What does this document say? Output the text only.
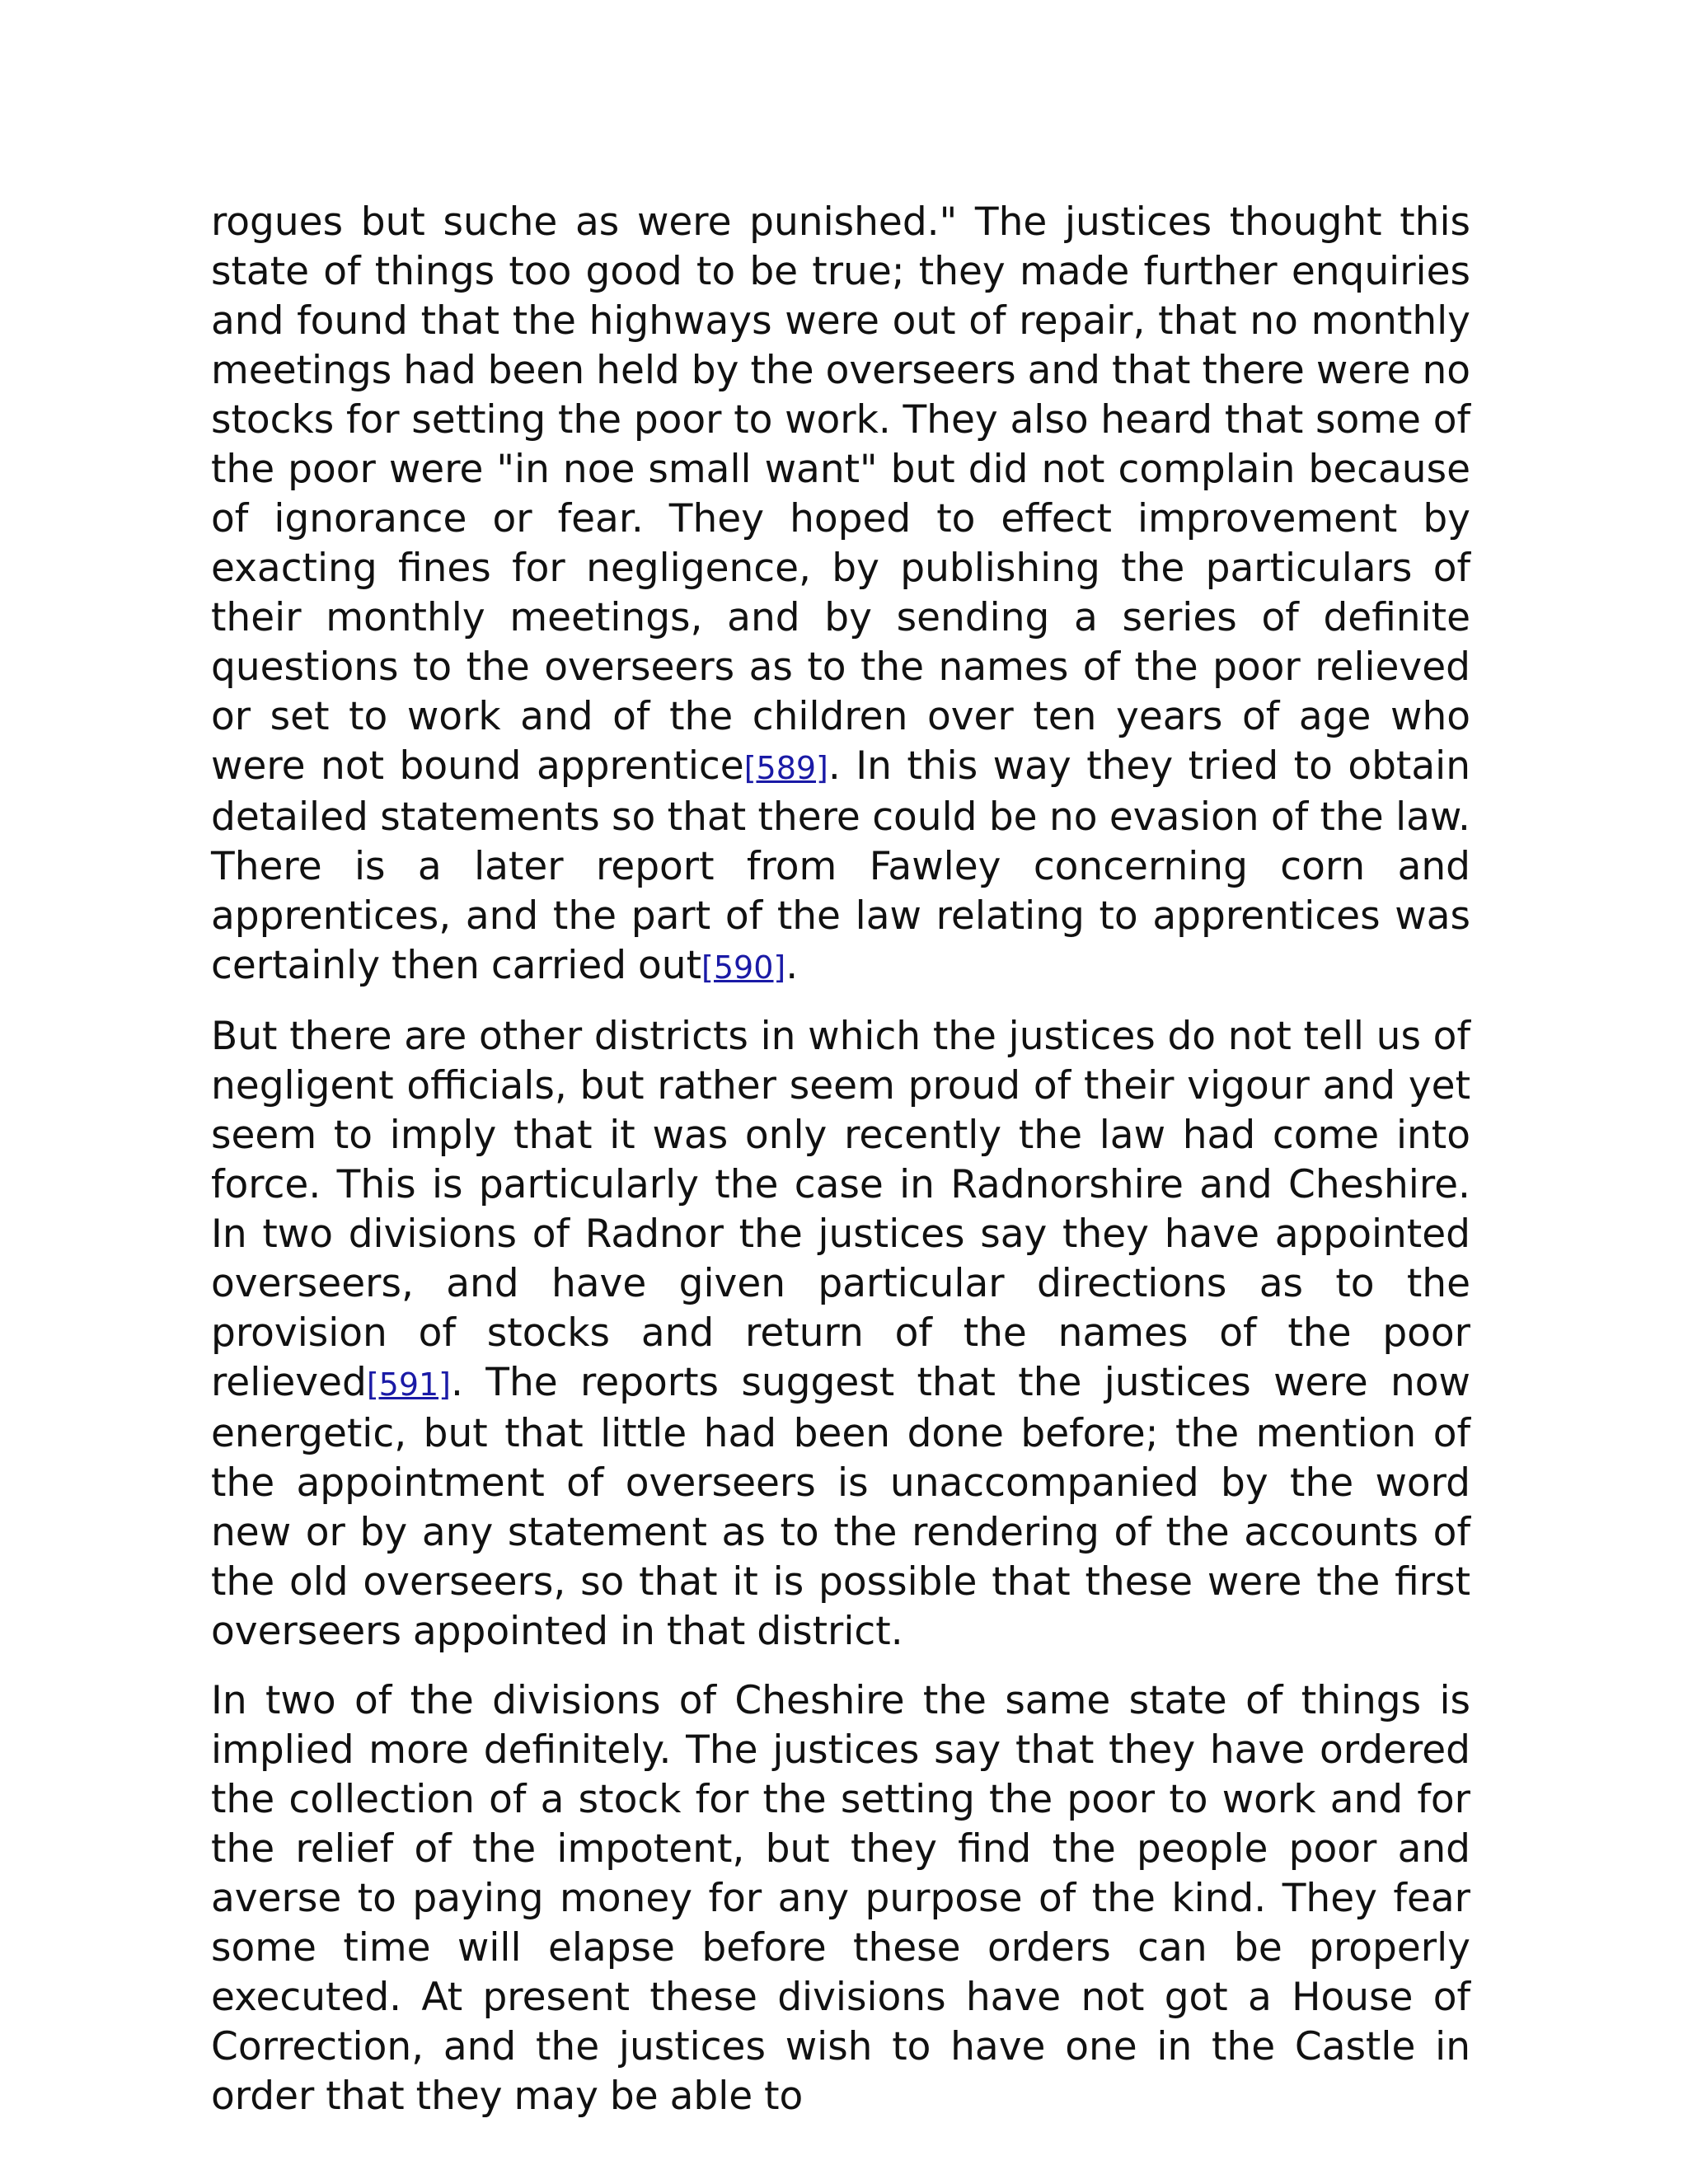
rogues but suche as were punished." The justices thought this state of things too good to be true; they made further enquiries and found that the highways were out of repair, that no monthly meetings had been held by the overseers and that there were no stocks for setting the poor to work. They also heard that some of the poor were "in noe small want" but did not complain because of ignorance or fear. They hoped to effect improvement by exacting fines for negligence, by publishing the particulars of their monthly meetings, and by sending a series of definite questions to the overseers as to the names of the poor relieved or set to work and of the children over ten years of age who were not bound apprentice[589]. In this way they tried to obtain detailed statements so that there could be no evasion of the law. There is a later report from Fawley concerning corn and apprentices, and the part of the law relating to apprentices was certainly then carried out[590].

But there are other districts in which the justices do not tell us of negligent officials, but rather seem proud of their vigour and yet seem to imply that it was only recently the law had come into force. This is particularly the case in Radnorshire and Cheshire. In two divisions of Radnor the justices say they have appointed overseers, and have given particular directions as to the provision of stocks and return of the names of the poor relieved[591]. The reports suggest that the justices were now energetic, but that little had been done before; the mention of the appointment of overseers is unaccompanied by the word new or by any statement as to the rendering of the accounts of the old overseers, so that it is possible that these were the first overseers appointed in that district.

In two of the divisions of Cheshire the same state of things is implied more definitely. The justices say that they have ordered the collection of a stock for the setting the poor to work and for the relief of the impotent, but they find the people poor and averse to paying money for any purpose of the kind. They fear some time will elapse before these orders can be properly executed. At present these divisions have not got a House of Correction, and the justices wish to have one in the Castle in order that they may be able to
